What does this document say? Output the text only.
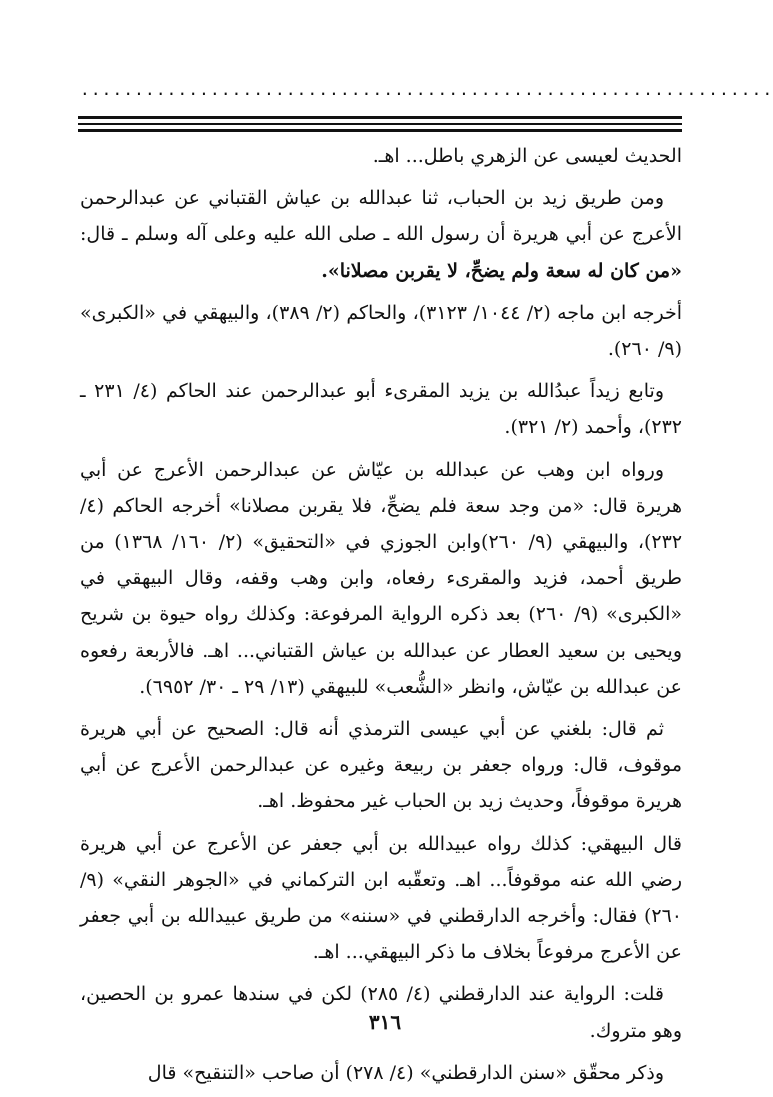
................................................................

الحديث لعيسى عن الزهري باطل... اهـ.

ومن طريق زيد بن الحباب، ثنا عبدالله بن عياش القتباني عن عبدالرحمن الأعرج عن أبي هريرة أن رسول الله ـ صلى الله عليه وعلى آله وسلم ـ قال: «من كان له سعة ولم يضحِّ، لا يقربن مصلانا».

أخرجه ابن ماجه (٢/ ١٠٤٤/ ٣١٢٣)، والحاكم (٢/ ٣٨٩)، والبيهقي في «الكبرى» (٩/ ٢٦٠).

وتابع زيداً عبدُالله بن يزيد المقرىء أبو عبدالرحمن عند الحاكم (٤/ ٢٣١ ـ ٢٣٢)، وأحمد (٢/ ٣٢١).

ورواه ابن وهب عن عبدالله بن عيّاش عن عبدالرحمن الأعرج عن أبي هريرة قال: «من وجد سعة فلم يضحِّ، فلا يقربن مصلانا» أخرجه الحاكم (٤/ ٢٣٢)، والبيهقي (٩/ ٢٦٠)وابن الجوزي في «التحقيق» (٢/ ١٦٠/ ١٣٦٨) من طريق أحمد، فزيد والمقرىء رفعاه، وابن وهب وقفه، وقال البيهقي في «الكبرى» (٩/ ٢٦٠) بعد ذكره الرواية المرفوعة: وكذلك رواه حيوة بن شريح ويحيى بن سعيد العطار عن عبدالله بن عياش القتباني... اهـ. فالأربعة رفعوه عن عبدالله بن عيّاش، وانظر «الشُّعب» للبيهقي (١٣/ ٢٩ ـ ٣٠/ ٦٩٥٢).

ثم قال: بلغني عن أبي عيسى الترمذي أنه قال: الصحيح عن أبي هريرة موقوف، قال: ورواه جعفر بن ربيعة وغيره عن عبدالرحمن الأعرج عن أبي هريرة موقوفاً، وحديث زيد بن الحباب غير محفوظ. اهـ.

قال البيهقي: كذلك رواه عبيدالله بن أبي جعفر عن الأعرج عن أبي هريرة رضي الله عنه موقوفاً... اهـ. وتعقّبه ابن التركماني في «الجوهر النقي» (٩/ ٢٦٠) فقال: وأخرجه الدارقطني في «سننه» من طريق عبيدالله بن أبي جعفر عن الأعرج مرفوعاً بخلاف ما ذكر البيهقي... اهـ.

قلت: الرواية عند الدارقطني (٤/ ٢٨٥) لكن في سندها عمرو بن الحصين، وهو متروك.

وذكر محقّق «سنن الدارقطني» (٤/ ٢٧٨) أن صاحب «التنقيح» قال

٣١٦
